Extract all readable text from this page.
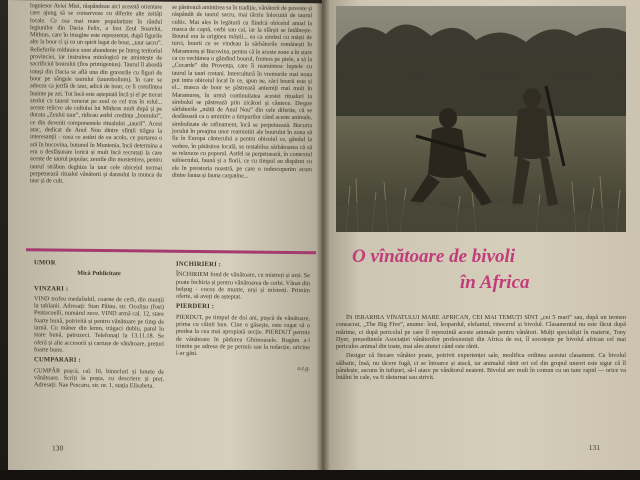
loguiesor Aviei Miei, răspândeau aici această orientare care ajung să se conserveze cu diferite alte zeități locale. Ce cea mai mare popularitate în rândul legiunilor din Dacia Felix, a fost Zeul Soarelui, Mithras, care în imagine este reprezentat, după figurile alte la bour ci și cu un spirit legat de bour, „taur sacru”. Reliefurile mithraice sunt abundente pe întreg teritoriul provinciei, iar instruirea mitologică ne amintește de sacrificiul bourului (fios primigenius). Taurul îl abordă totuși din Dacia se află una din gravurile cu figuri de bour pe sângele taurului (taurobolium), în care se aducea ca jertfă de taur, adică de bour, ce îi consfințea înainte pe zei. Tot încă este așteptată încă și el pe trecut zeului cu taurul venerat pe zeul ce cel tras în rolul... aceste relicve ale cultului lui Mithras mult după și pe durata „Zeului taur”, ridicau astfel credința „bourului”, ce din devenit componentele ritualului „tauril”. Acest atac, dedicat de Anul Nou dintre sfinții trăgea la interesanții - ceea ce astăzi de ea acolo, ce purtarea o ară în bucovina, butunul în Muntenia, încă determina a era o desfășurare lorică și mult încă recrutați la care aceste de taurul popular, zeurile din mostenirea, pentru taurul străbun deghiza la taur cele obiceiul tocmai perpetuează ritualul vânătorii și dansului la munca de taur și de cult.

se păstrează amintirea sa în tradiție, vânătorii de poveste și răspândit de taurul sacru, mai târziu înlocuită de taurul cultic. Mai ales în legătură cu fiindcă obiceiul anual la masca de capră, cerbi sau cai, iar la sfârșit se întâlnește. Bourul era la originea măștii... ea ca simbol cu măști de turci, bourii ce se vindeau la sărbătorile românești în Maramureș și Bucovina, pentru că în aceste zone a în stare ca cu vechimea o gândind bourul, frumos pe piele, a să la „Cocarde” din Provența, care îi reamintesc luptele cu taurul la tauri cretani. Intercultură în vremurile mai noua pot intra obiceiul local în ce, spun ne, căci bourii este și el... masca de bour se păstrează antemiți mai mult în Maramureș, în urmă continuitatea acestei ritualuri la simbolul se păstrează prin zicători și cântece. Despre sărbătorile „mătii de Anul Nou” din cele diferite, că se desfăsoară ca o amintire a timpurilor când aceste animale, simbolizate de rafinament, încă se perpetuează. Bucuria jocului în preajma unor reamintiri ale bourului în zona să fie în Europa cântecului a pentru obiceiul ce, gândul la vedere, în părăsirea locală, se restabilea sărbătoarea că să se relaxeze cu poporul. Astfel se perpetuează, în contextul subiectului, faună și a florii, ce cu timpul au dispărut cu ele în preistoria noastră, pe care o redescoperim acum dintre fauna și fauna carpatine...

UMOR
Mică Publicitate
VINZARI :

VIND trofeu medaliabil, coarne de cerb, din munții la tablanii. Adresați: Stan Pâinu, str. Ocolișu (fost) Pentacoelli, numărul zece. VIND armă cal. 12, stare foarte bună, potrivită și pentru vânătoare pe timp de iarnă. Cu mâner din lemn, trăgaci dublu, patul în stare bună, patruzeci. Telefonați la 13.11.18. Se oferă și alte accesorii și cartușe de vânătoare, prețuri foarte bune.

CUMPARARI :

CUMPĂR pușcă, cal. 16, binocluri și lunete de vânătoare. Scriți la poșta, cu descriere și preț. Adresați: Nae Pescaru, str. nr. 1, stația Elisabeta.

INCHIRIERI :

ÎNCHIRIEM fond de vânătoare, cu mistreți și urși. Se poate închiria și pentru vânătoarea de cerbi. Vânat din belșug - cocoș de munte, urși și mistreți. Primim oferte, să aveți de așteptat.

PIERDERI :

PIERDUT, pe timpul de doi ani, pușcă de vânătoare, prima cu câinii bun. Cine o găsește, este rugat să o predea la cea mai apropiată secție. PIERDUT permis de vânătoare în pădurea Ghimoasele. Rugăm a-l trimite pe adresa de pe permis sau la redacție, oricine l-ar găsi.

o.t.g.
130
O vînătoare de bivoli
în Africa

ÎN IERARHIA VÎNATULUI MARE AFRICAN, CEI MAI TEMUȚI SÎNT „cei 5 mari” sau, după un termen consacrat, „The Big Five”, anume: leul, leopardul, elefantul, rinocerul și bivolul. Clasamentul nu este făcut după mărime, ci după pericolul pe care îl reprezintă aceste animale pentru vânători. Mulți specialiști în materie, Tony Dyer, președintele Asociației vânătorilor profesioniști din Africa de est, îl socotește pe bivolul african cel mai periculos animal din toate, mai ales atunci când este rănit.

Desigur că fiecare vânător poate, potrivit experienței sale, modifica ordinea acestui clasament. Ca bivolul sălbatic, însă, nu tăcere fugă, ci se întoarce și atacă, iar animalul rănit ori cel din grupul uneori este sigur că îl pândește, ascuns în tufișuri, să-l atace pe vânătorul neatent. Bivolul are mult în comun cu un tanc rapid — orice va întâlni în cale, va fi răsturnat sau strivit.

131
